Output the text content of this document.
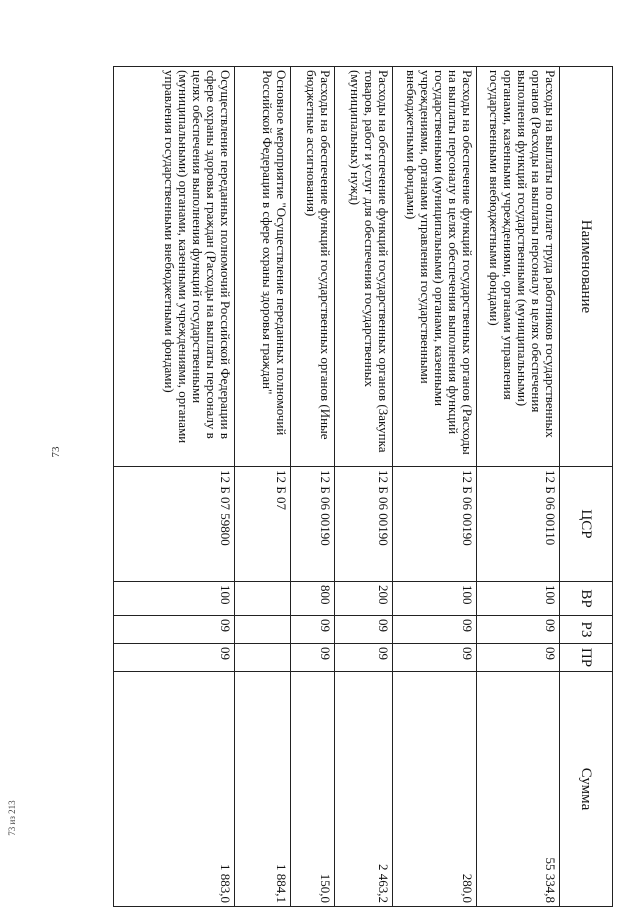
73
73 из 213
Наименование	ЦСР	ВР	РЗ	ПР	Сумма
Расходы на выплаты по оплате труда работников государственных органов (Расходы на выплаты персоналу в целях обеспечения выполнения функций государственными (муниципальными) органами, казенными учреждениями, органами управления государственными внебюджетными фондами)	12 Б 06 00110	100	09	09	55 334,8
Расходы на обеспечение функций государственных органов (Расходы на выплаты персоналу в целях обеспечения выполнения функций государственными (муниципальными) органами, казенными учреждениями, органами управления государственными внебюджетными фондами)	12 Б 06 00190	100	09	09	280,0
Расходы на обеспечение функций государственных органов (Закупка товаров, работ и услуг для обеспечения государственных (муниципальных) нужд)	12 Б 06 00190	200	09	09	2 463,2
Расходы на обеспечение функций государственных органов (Иные бюджетные ассигнования)	12 Б 06 00190	800	09	09	150,0
Основное мероприятие "Осуществление переданных полномочий Российской Федерации в сфере охраны здоровья граждан"	12 Б 07				1 884,1
Осуществление переданных полномочий Российской Федерации в сфере охраны здоровья граждан (Расходы на выплаты персоналу в целях обеспечения выполнения функций государственными (муниципальными) органами, казенными учреждениями, органами управления государственными внебюджетными фондами)	12 Б 07 59800	100	09	09	1 883,0
